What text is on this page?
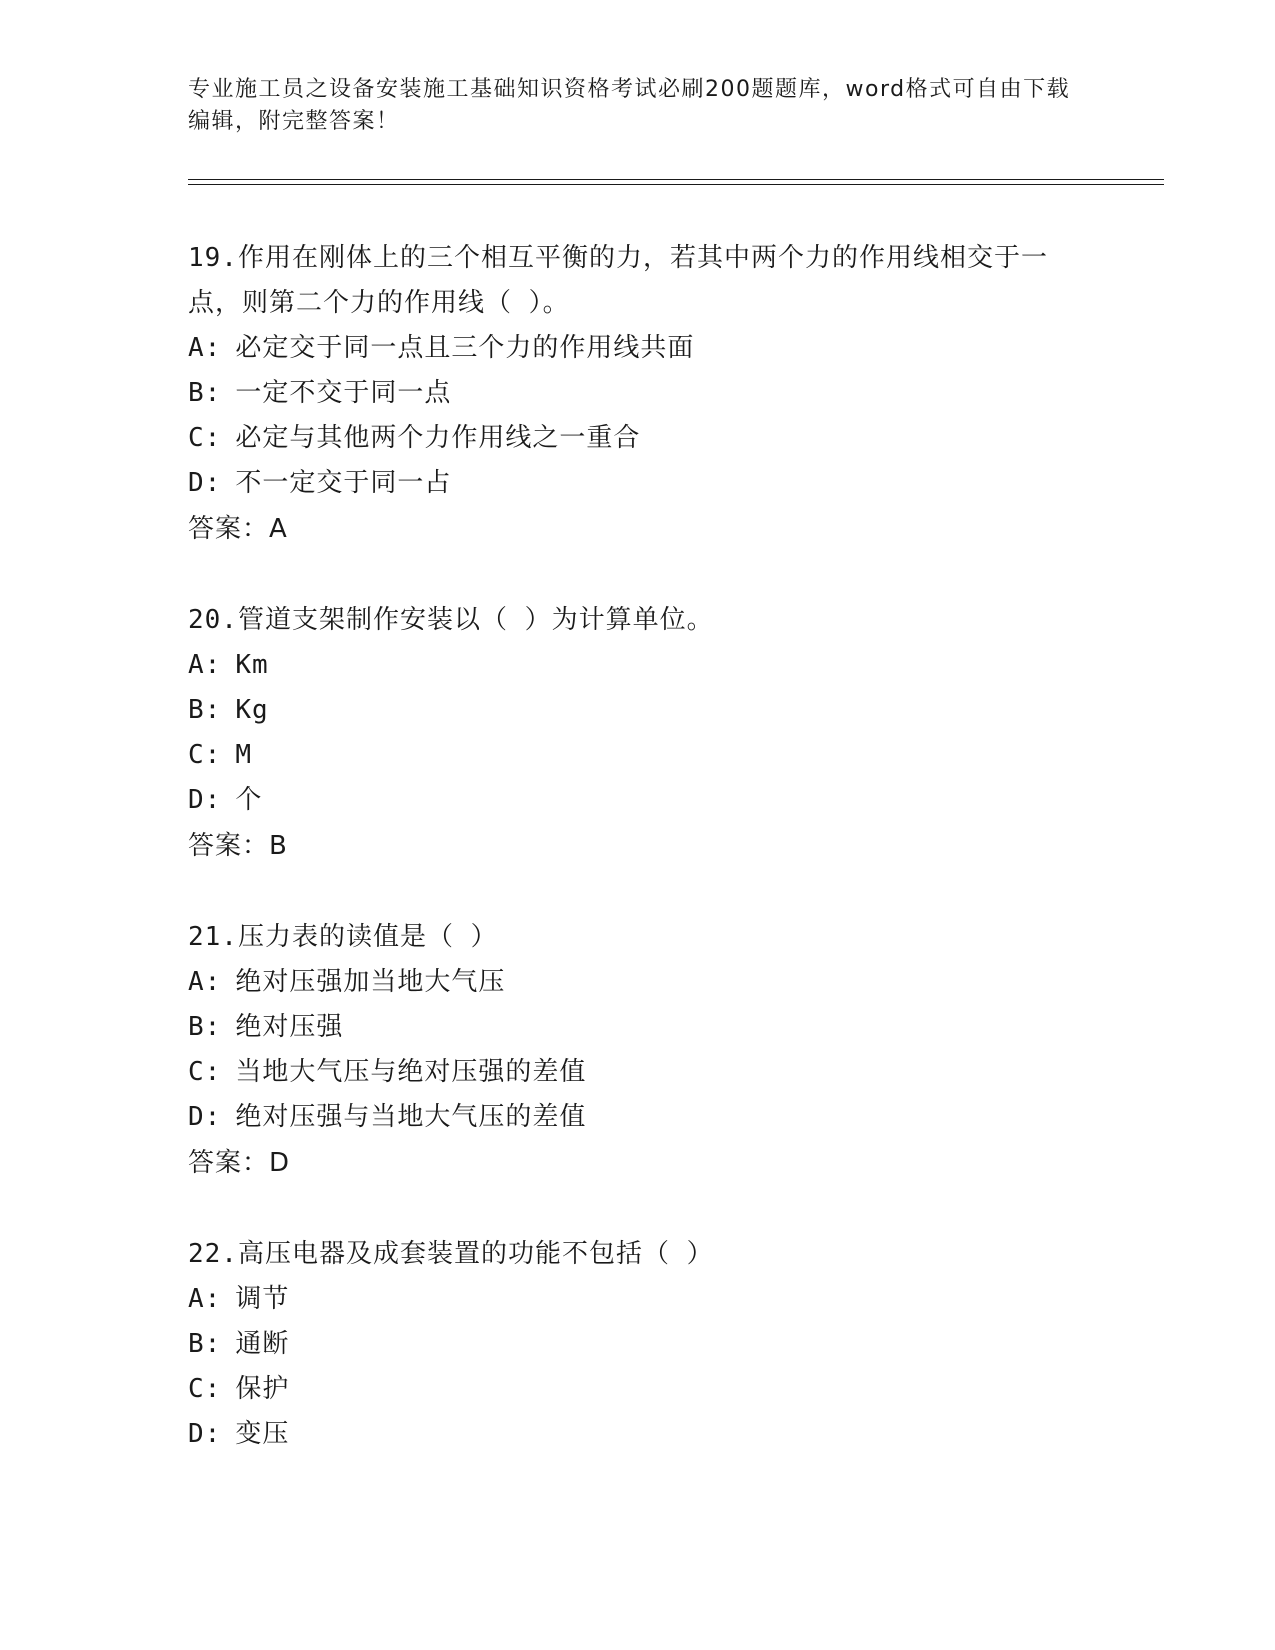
专业施工员之设备安装施工基础知识资格考试必刷200题题库，word格式可自由下载编辑，附完整答案！
19.作用在刚体上的三个相互平衡的力，若其中两个力的作用线相交于一点，则第二个力的作用线（ ）。
A: 必定交于同一点且三个力的作用线共面
B: 一定不交于同一点
C: 必定与其他两个力作用线之一重合
D: 不一定交于同一占
答案：A
20.管道支架制作安装以（ ）为计算单位。
A: Km
B: Kg
C: M
D: 个
答案：B
21.压力表的读值是（ ）
A: 绝对压强加当地大气压
B: 绝对压强
C: 当地大气压与绝对压强的差值
D: 绝对压强与当地大气压的差值
答案：D
22.高压电器及成套装置的功能不包括（ ）
A: 调节
B: 通断
C: 保护
D: 变压
